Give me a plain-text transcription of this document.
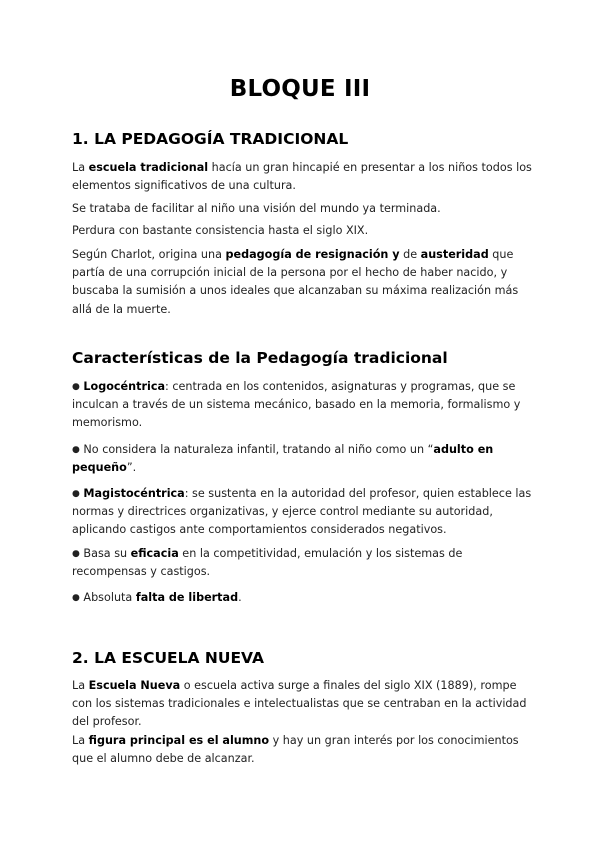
BLOQUE III
1. LA PEDAGOGÍA TRADICIONAL

La escuela tradicional hacía un gran hincapié en presentar a los niños todos los elementos significativos de una cultura.

Se trataba de facilitar al niño una visión del mundo ya terminada.

Perdura con bastante consistencia hasta el siglo XIX.

Según Charlot, origina una pedagogía de resignación y de austeridad que partía de una corrupción inicial de la persona por el hecho de haber nacido, y buscaba la sumisión a unos ideales que alcanzaban su máxima realización más allá de la muerte.

Características de la Pedagogía tradicional

● Logocéntrica: centrada en los contenidos, asignaturas y programas, que se inculcan a través de un sistema mecánico, basado en la memoria, formalismo y memorismo.

● No considera la naturaleza infantil, tratando al niño como un “adulto en pequeño”.

● Magistocéntrica: se sustenta en la autoridad del profesor, quien establece las normas y directrices organizativas, y ejerce control mediante su autoridad, aplicando castigos ante comportamientos considerados negativos.

● Basa su eficacia en la competitividad, emulación y los sistemas de recompensas y castigos.

● Absoluta falta de libertad.

2. LA ESCUELA NUEVA

La Escuela Nueva o escuela activa surge a finales del siglo XIX (1889), rompe con los sistemas tradicionales e intelectualistas que se centraban en la actividad del profesor.

La figura principal es el alumno y hay un gran interés por los conocimientos que el alumno debe de alcanzar.
